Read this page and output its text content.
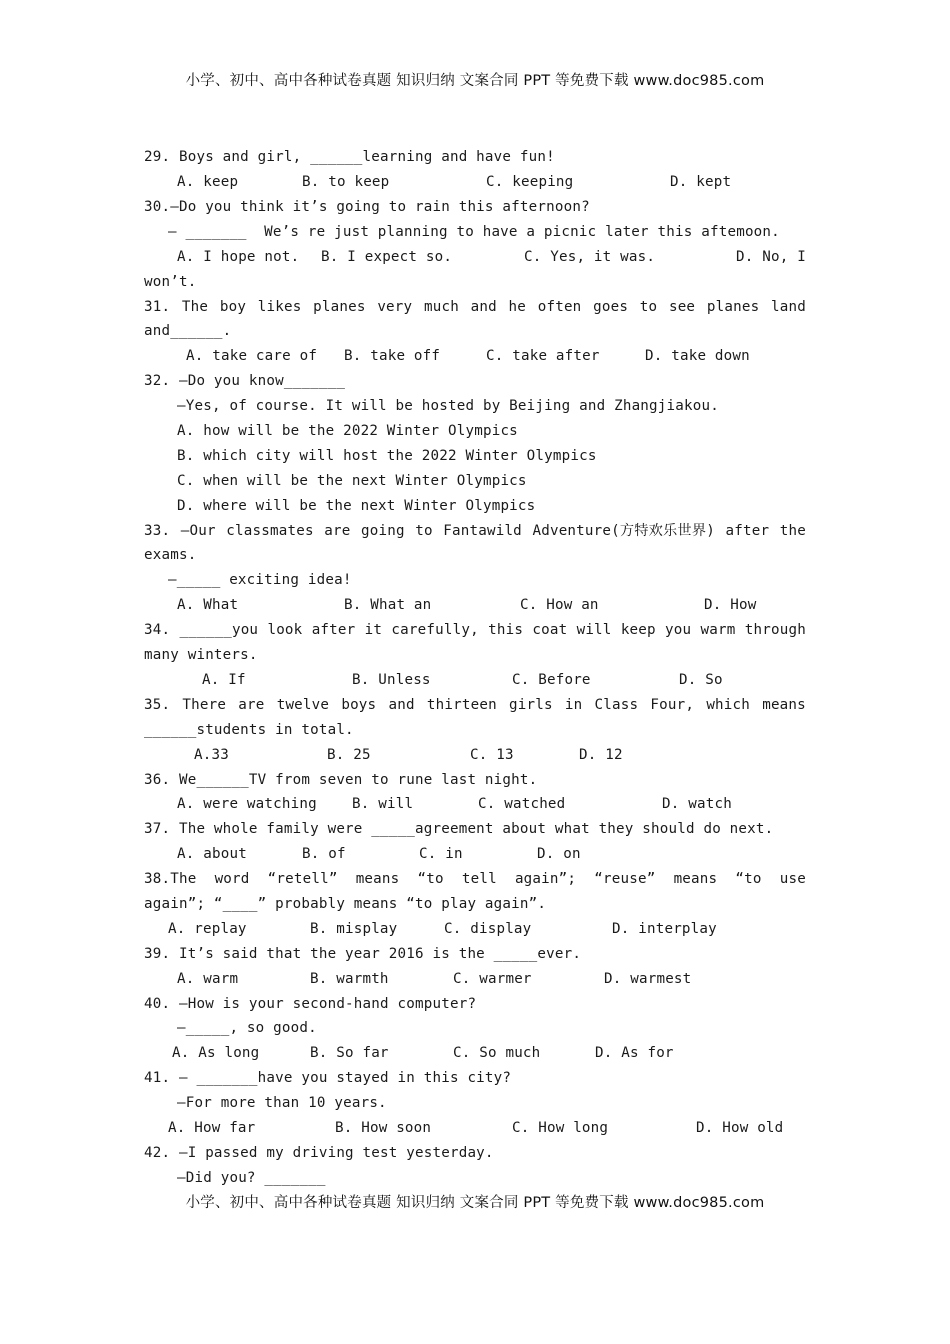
小学、初中、高中各种试卷真题 知识归纳 文案合同 PPT 等免费下载 www.doc985.com
29. Boys and girl, ______learning and have fun!
A. keep	B. to keep	C. keeping	D. kept
30.—Do you think it’s going to rain this afternoon?
— _______  We’s re just planning to have a picnic later this aftemoon.
A. I hope not. B. I expect so.	C. Yes, it was.	D. No, I
won’t.
31. The boy likes planes very much and he often goes to see planes land
and______.
A. take care of B. take off	C. take after	D. take down
32. —Do you know_______
—Yes, of course. It will be hosted by Beijing and Zhangjiakou.
A. how will be the 2022 Winter Olympics
B. which city will host the 2022 Winter Olympics
C. when will be the next Winter Olympics
D. where will be the next Winter Olympics
33. —Our classmates are going to Fantawild Adventure(方特欢乐世界) after the
exams.
—_____ exciting idea!
A. What	B. What an	C. How an	D. How
34. ______you look after it carefully, this coat will keep you warm through
many winters.
A. If	B. Unless	C. Before	D. So
35. There are twelve boys and thirteen girls in Class Four, which means
______students in total.
A.33	B. 25	C. 13	D. 12
36. We______TV from seven to rune last night.
A. were watching B. will	C. watched	D. watch
37. The whole family were _____agreement about what they should do next.
A. about	B. of	C. in	D. on
38.The word “retell” means “to tell again”; “reuse” means “to use
again”; “____” probably means “to play again”.
A. replay	B. misplay	C. display	D. interplay
39. It’s said that the year 2016 is the _____ever.
A. warm	B. warmth	C. warmer	D. warmest
40. —How is your second-hand computer?
—_____, so good.
A. As long	B. So far	C. So much	D. As for
41. — _______have you stayed in this city?
—For more than 10 years.
A. How far	B. How soon	C. How long	D. How old
42. —I passed my driving test yesterday.
—Did you? _______
小学、初中、高中各种试卷真题 知识归纳 文案合同 PPT 等免费下载 www.doc985.com
